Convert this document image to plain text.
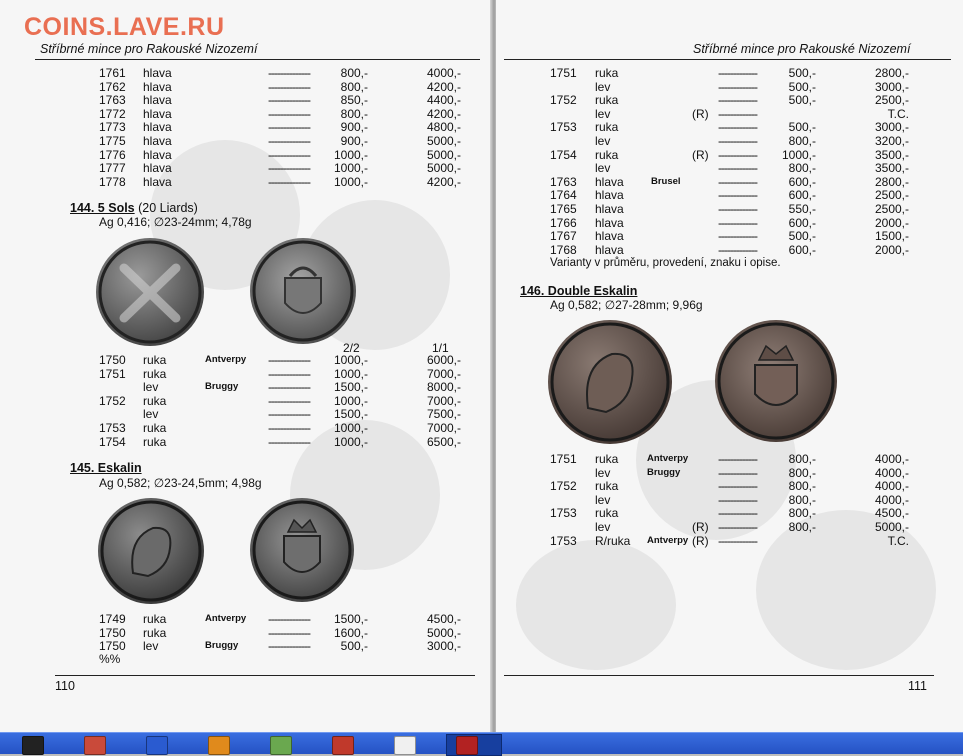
COINS.LAVE.RU
Stříbrné mince pro Rakouské Nizozemí
1761 hlava	--------------	800,-	4000,-
1762 hlava	--------------	800,-	4200,-
1763 hlava	--------------	850,-	4400,-
1772 hlava	--------------	800,-	4200,-
1773 hlava	--------------	900,-	4800,-
1775 hlava	--------------	900,-	5000,-
1776 hlava	-------------- 1000,-	5000,-
1777 hlava	-------------- 1000,-	5000,-
1778 hlava	-------------- 1000,-	4200,-
144. 5 Sols (20 Liards)
Ag 0,416; ∅23-24mm; 4,78g
2/2	1/1
1750 ruka	Antverpy -------------- 1000,-	6000,-
1751 ruka	-------------- 1000,-	7000,-
lev	Bruggy -------------- 1500,-	8000,-
1752 ruka	-------------- 1000,-	7000,-
lev	-------------- 1500,-	7500,-
1753 ruka	-------------- 1000,-	7000,-
1754 ruka	-------------- 1000,-	6500,-
145. Eskalin
Ag 0,582; ∅23-24,5mm; 4,98g
1749 ruka	Antverpy -------------- 1500,-	4500,-
1750 ruka	-------------- 1600,-	5000,-
1750 lev	Bruggy --------------	500,-	3000,-
%%
110
Stříbrné mince pro Rakouské Nizozemí
1751 ruka	-------------	500,-	2800,-
lev	-------------	500,-	3000,-
1752 ruka	-------------	500,-	2500,-
lev	(R) -------------	T.C.
1753 ruka	-------------	500,-	3000,-
lev	-------------	800,-	3200,-
1754 ruka	(R) ------------- 1000,-	3500,-
lev	-------------	800,-	3500,-
1763 hlava	Brusel	-------------	600,-	2800,-
1764 hlava	-------------	600,-	2500,-
1765 hlava	-------------	550,-	2500,-
1766 hlava	-------------	600,-	2000,-
1767 hlava	-------------	500,-	1500,-
1768 hlava	-------------	600,-	2000,-
Varianty v průměru, provedení, znaku i opise.
146. Double Eskalin
Ag 0,582; ∅27-28mm; 9,96g
1751 ruka	Antverpy -------------	800,-	4000,-
lev	Bruggy	-------------	800,-	4000,-
1752 ruka	-------------	800,-	4000,-
lev	-------------	800,-	4000,-
1753 ruka	-------------	800,-	4500,-
lev	(R) -------------	800,-	5000,-
1753 R/ruka Antverpy (R) -------------	T.C.
111
